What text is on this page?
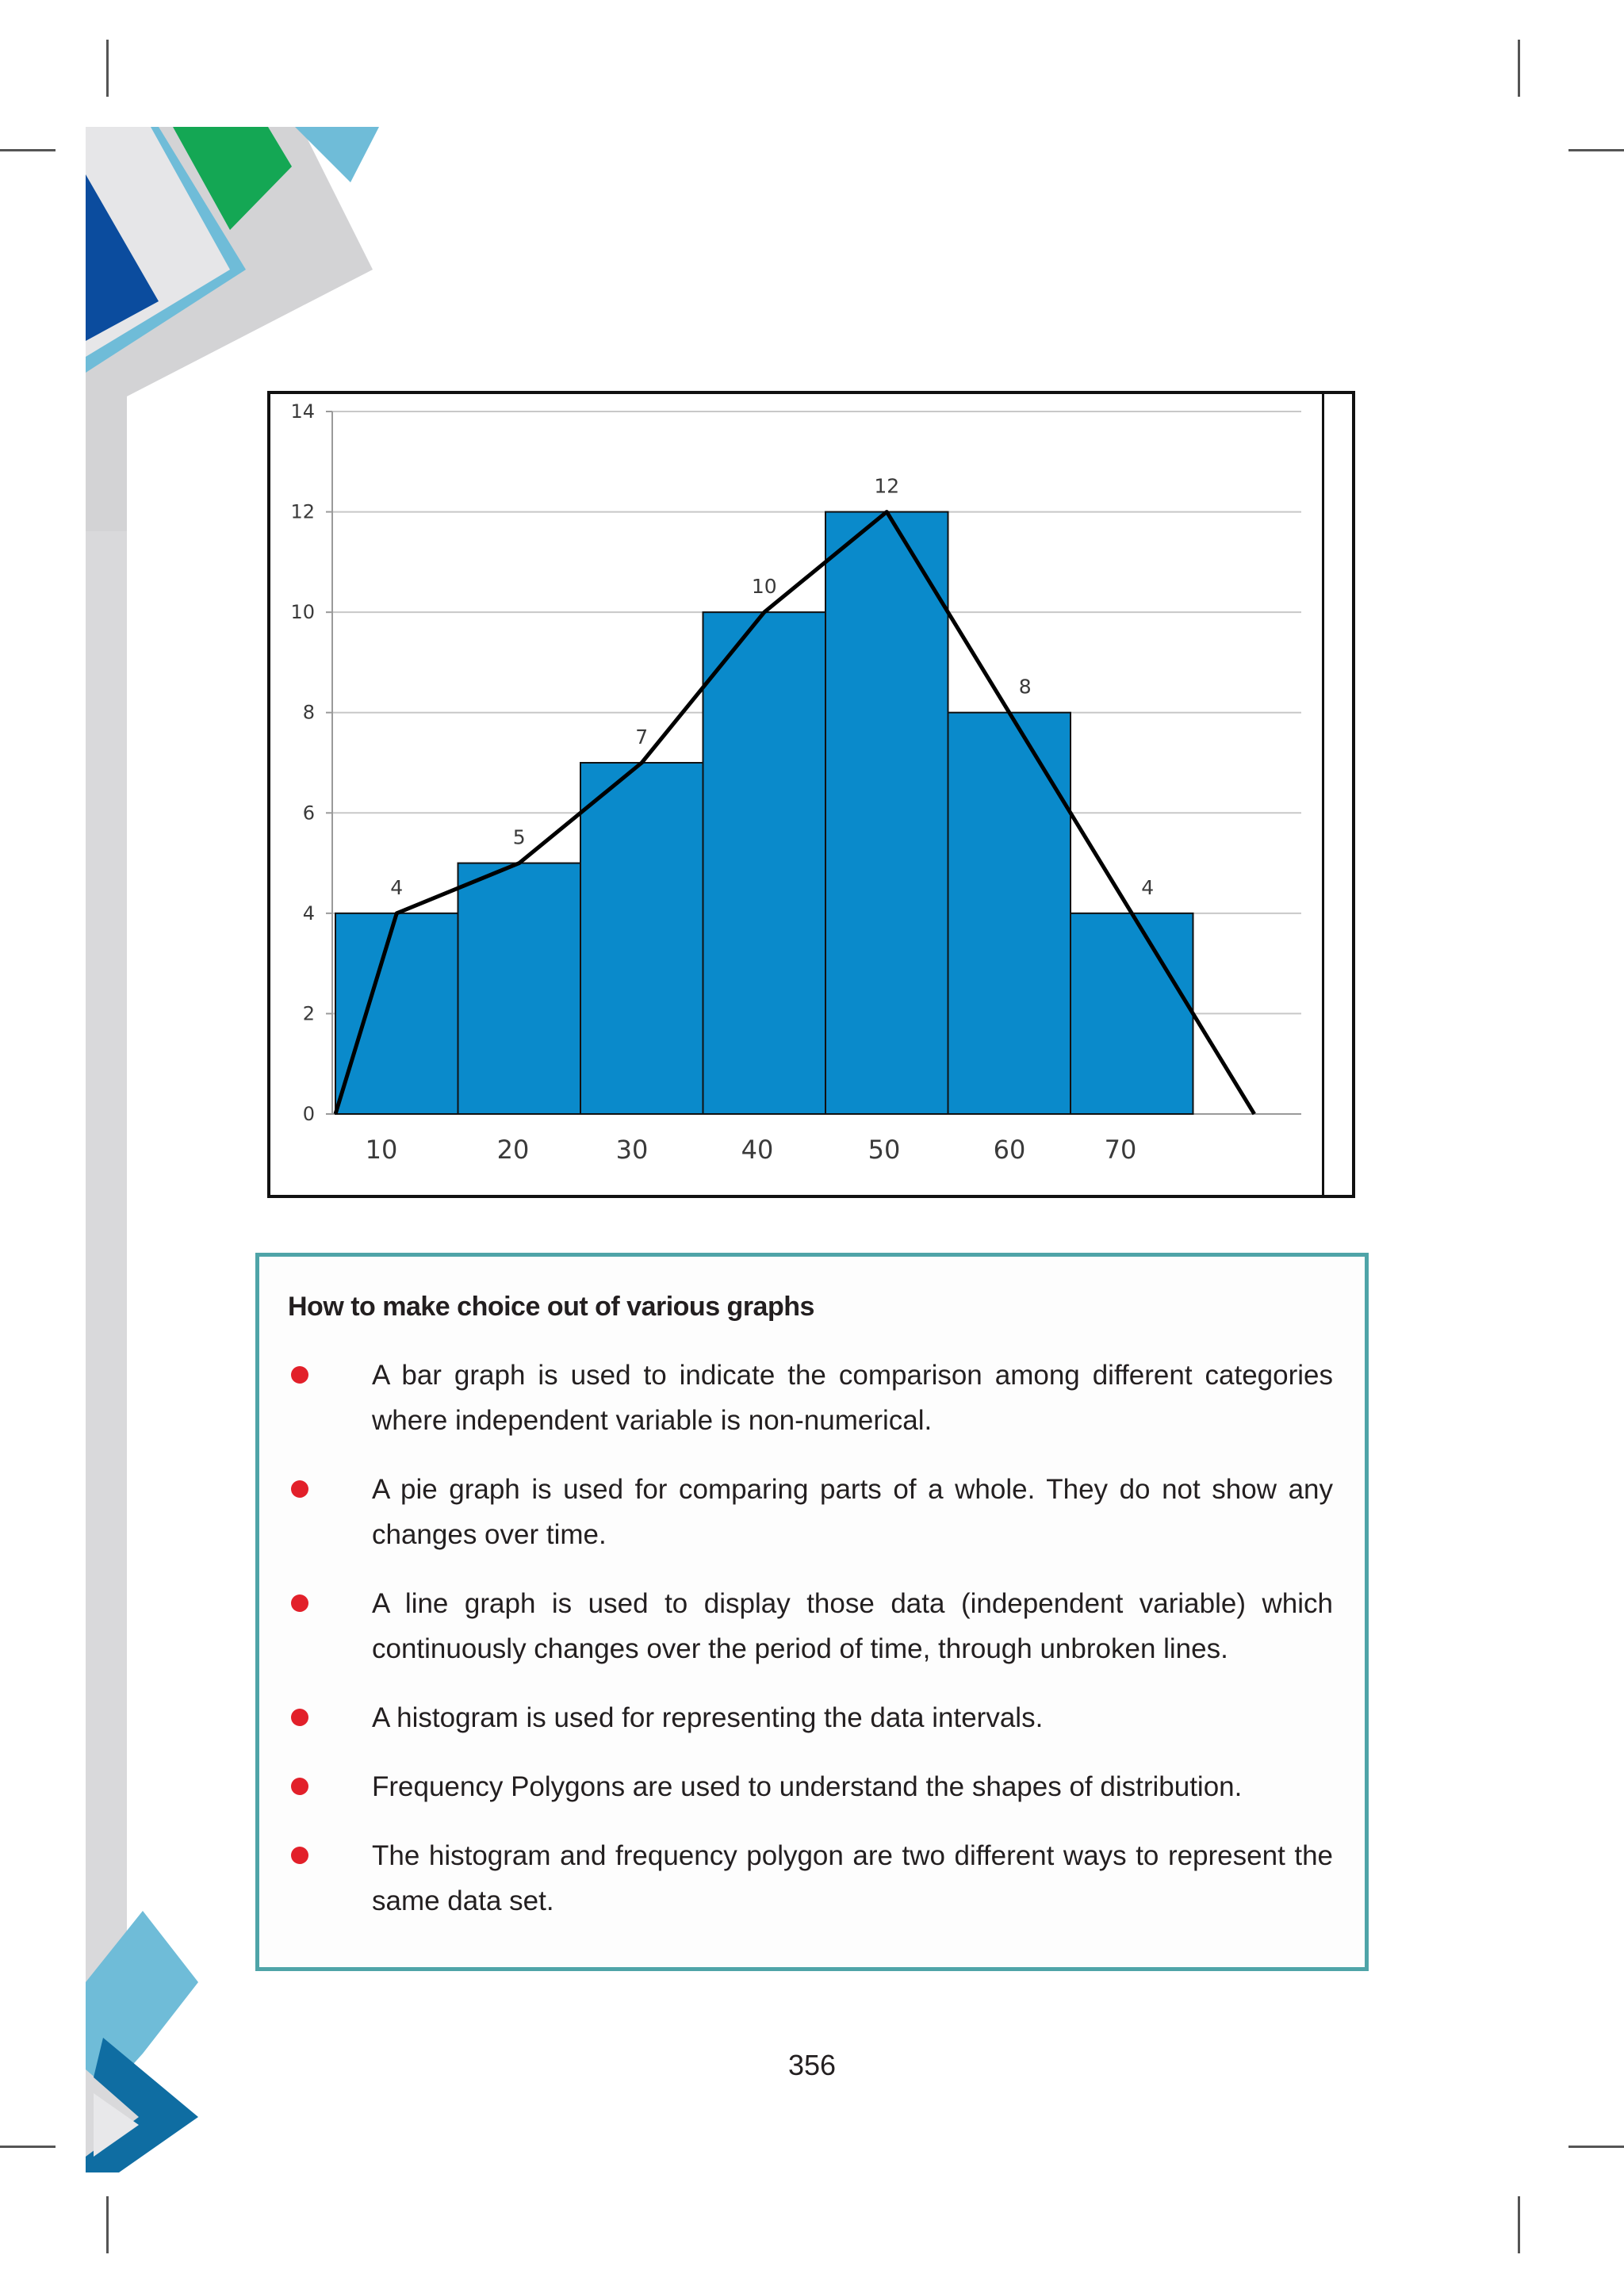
0
2
4
6
8
10
12
14
10	20	30	40	50	60	70
4
5
7
10
12
8
4
How to make choice out of various graphs
A bar graph is used to indicate the comparison among different categories where independent variable is non-numerical.
A pie graph is used for comparing parts of a whole. They do not show any changes over time.
A line graph is used to display those data (independent variable) which continuously changes over the period of time, through unbroken lines.
A histogram is used for representing the data intervals.
Frequency Polygons are used to understand the shapes of distribution.
The histogram and frequency polygon are two different ways to represent the same data set.
356
